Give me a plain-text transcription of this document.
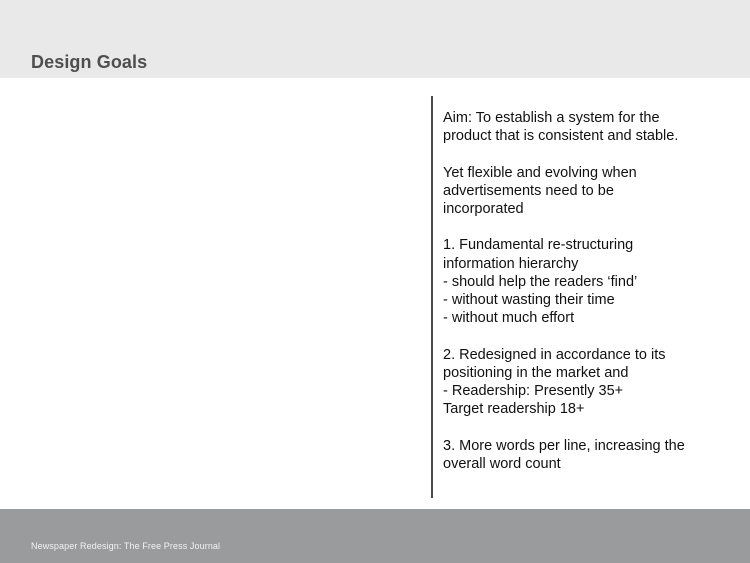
Design Goals

Aim: To establish a system for the
product that is consistent and stable.

Yet flexible and evolving when
advertisements need to be
incorporated

1. Fundamental re-structuring
information hierarchy
- should help the readers ‘find’
- without wasting their time
- without much effort

2. Redesigned in accordance to its
positioning in the market and
- Readership: Presently 35+
Target readership 18+

3. More words per line, increasing the
overall word count

Newspaper Redesign: The Free Press Journal
